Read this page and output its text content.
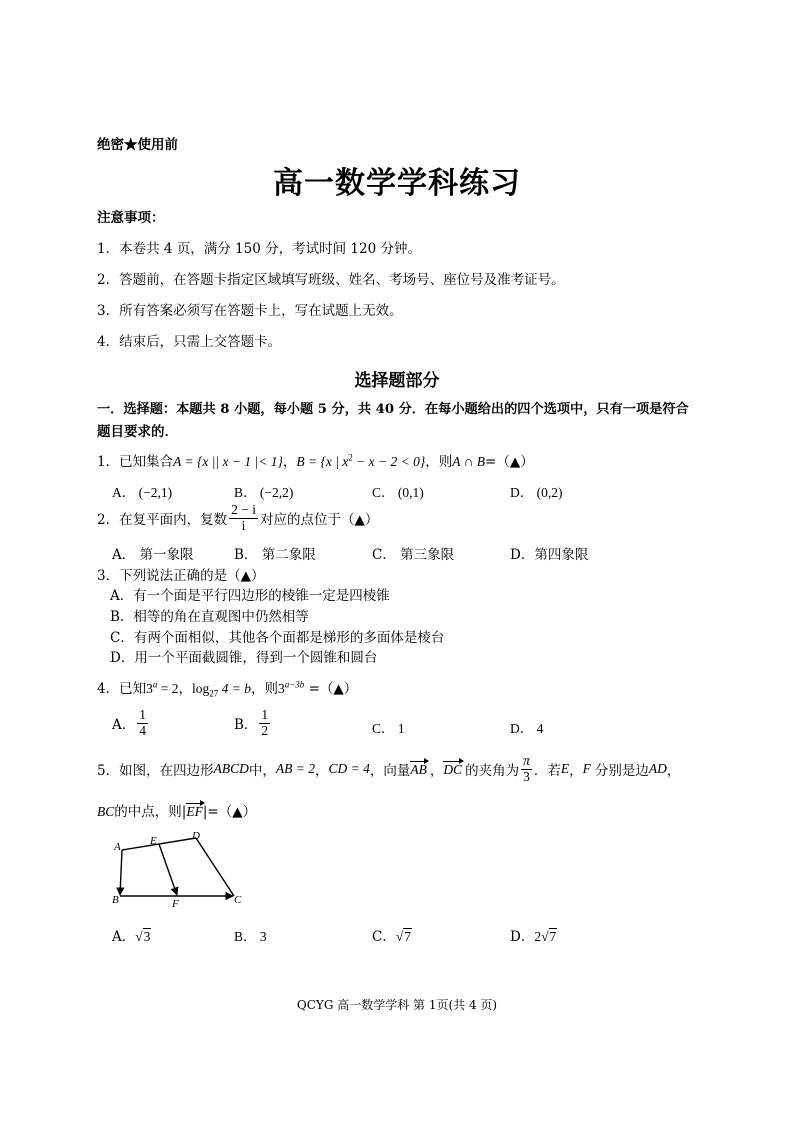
绝密★使用前
高一数学学科练习
注意事项：
1．本卷共 4 页，满分 150 分，考试时间 120 分钟。
2．答题前，在答题卡指定区域填写班级、姓名、考场号、座位号及准考证号。
3．所有答案必须写在答题卡上，写在试题上无效。
4．结束后，只需上交答题卡。
选择题部分
一．选择题：本题共 8 小题，每小题 5 分，共 40 分．在每小题给出的四个选项中，只有一项是符合
题目要求的．
1．已知集合A = {x || x − 1 |< 1}，B = {x | $x^2 - x - 2 < 0$}，则A ∩ B=（▲）
A． (−2,1)	B． (−2,2)	C． (0,1)	D． (0,2)
2．在复平面内，复数 $\frac{2 - i}{i}$ 对应的点位于（▲）
A． 第一象限	B． 第二象限	C． 第三象限	D．第四象限
3．下列说法正确的是（▲）
A．有一个面是平行四边形的棱锥一定是四棱锥
B．相等的角在直观图中仍然相等
C．有两个面相似，其他各个面都是梯形的多面体是棱台
D．用一个平面截圆锥，得到一个圆锥和圆台
4．已知$3^a = 2$，$\log_{27} 4 = b$，则$3^{a-3b}$ =（▲）
A． $\frac{1}{4}$	B． $\frac{1}{2}$	C． 1	D． 4
5．如图，在四边形 ABCD 中， AB = 2 ， CD = 4 ，向量 AB ， DC 的夹角为 $\frac{\pi}{3}$ ．若 E ， F 分别是边 AD ，
BC的中点，则|EF|=（▲）
A	E	D
B	F	C
A．√3	B． 3	C．√7	D．2√7
QCYG 高一数学学科 第 1页(共 4 页)
